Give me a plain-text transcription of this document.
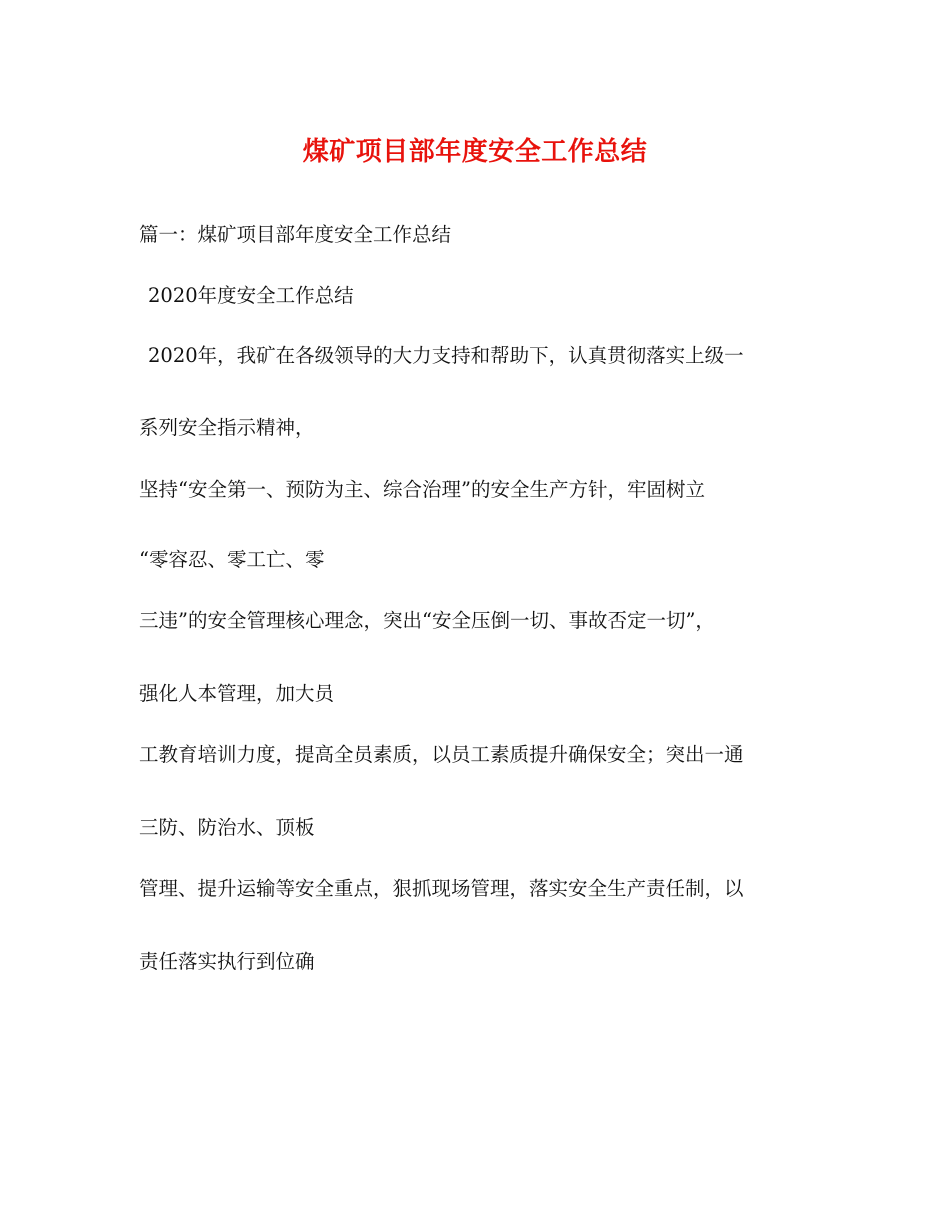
煤矿项目部年度安全工作总结
篇一：煤矿项目部年度安全工作总结
2020年度安全工作总结
2020年，我矿在各级领导的大力支持和帮助下，认真贯彻落实上级一
系列安全指示精神，
坚持“安全第一、预防为主、综合治理”的安全生产方针，牢固树立
“零容忍、零工亡、零
三违”的安全管理核心理念，突出“安全压倒一切、事故否定一切”，
强化人本管理，加大员
工教育培训力度，提高全员素质，以员工素质提升确保安全；突出一通
三防、防治水、顶板
管理、提升运输等安全重点，狠抓现场管理，落实安全生产责任制，以
责任落实执行到位确
